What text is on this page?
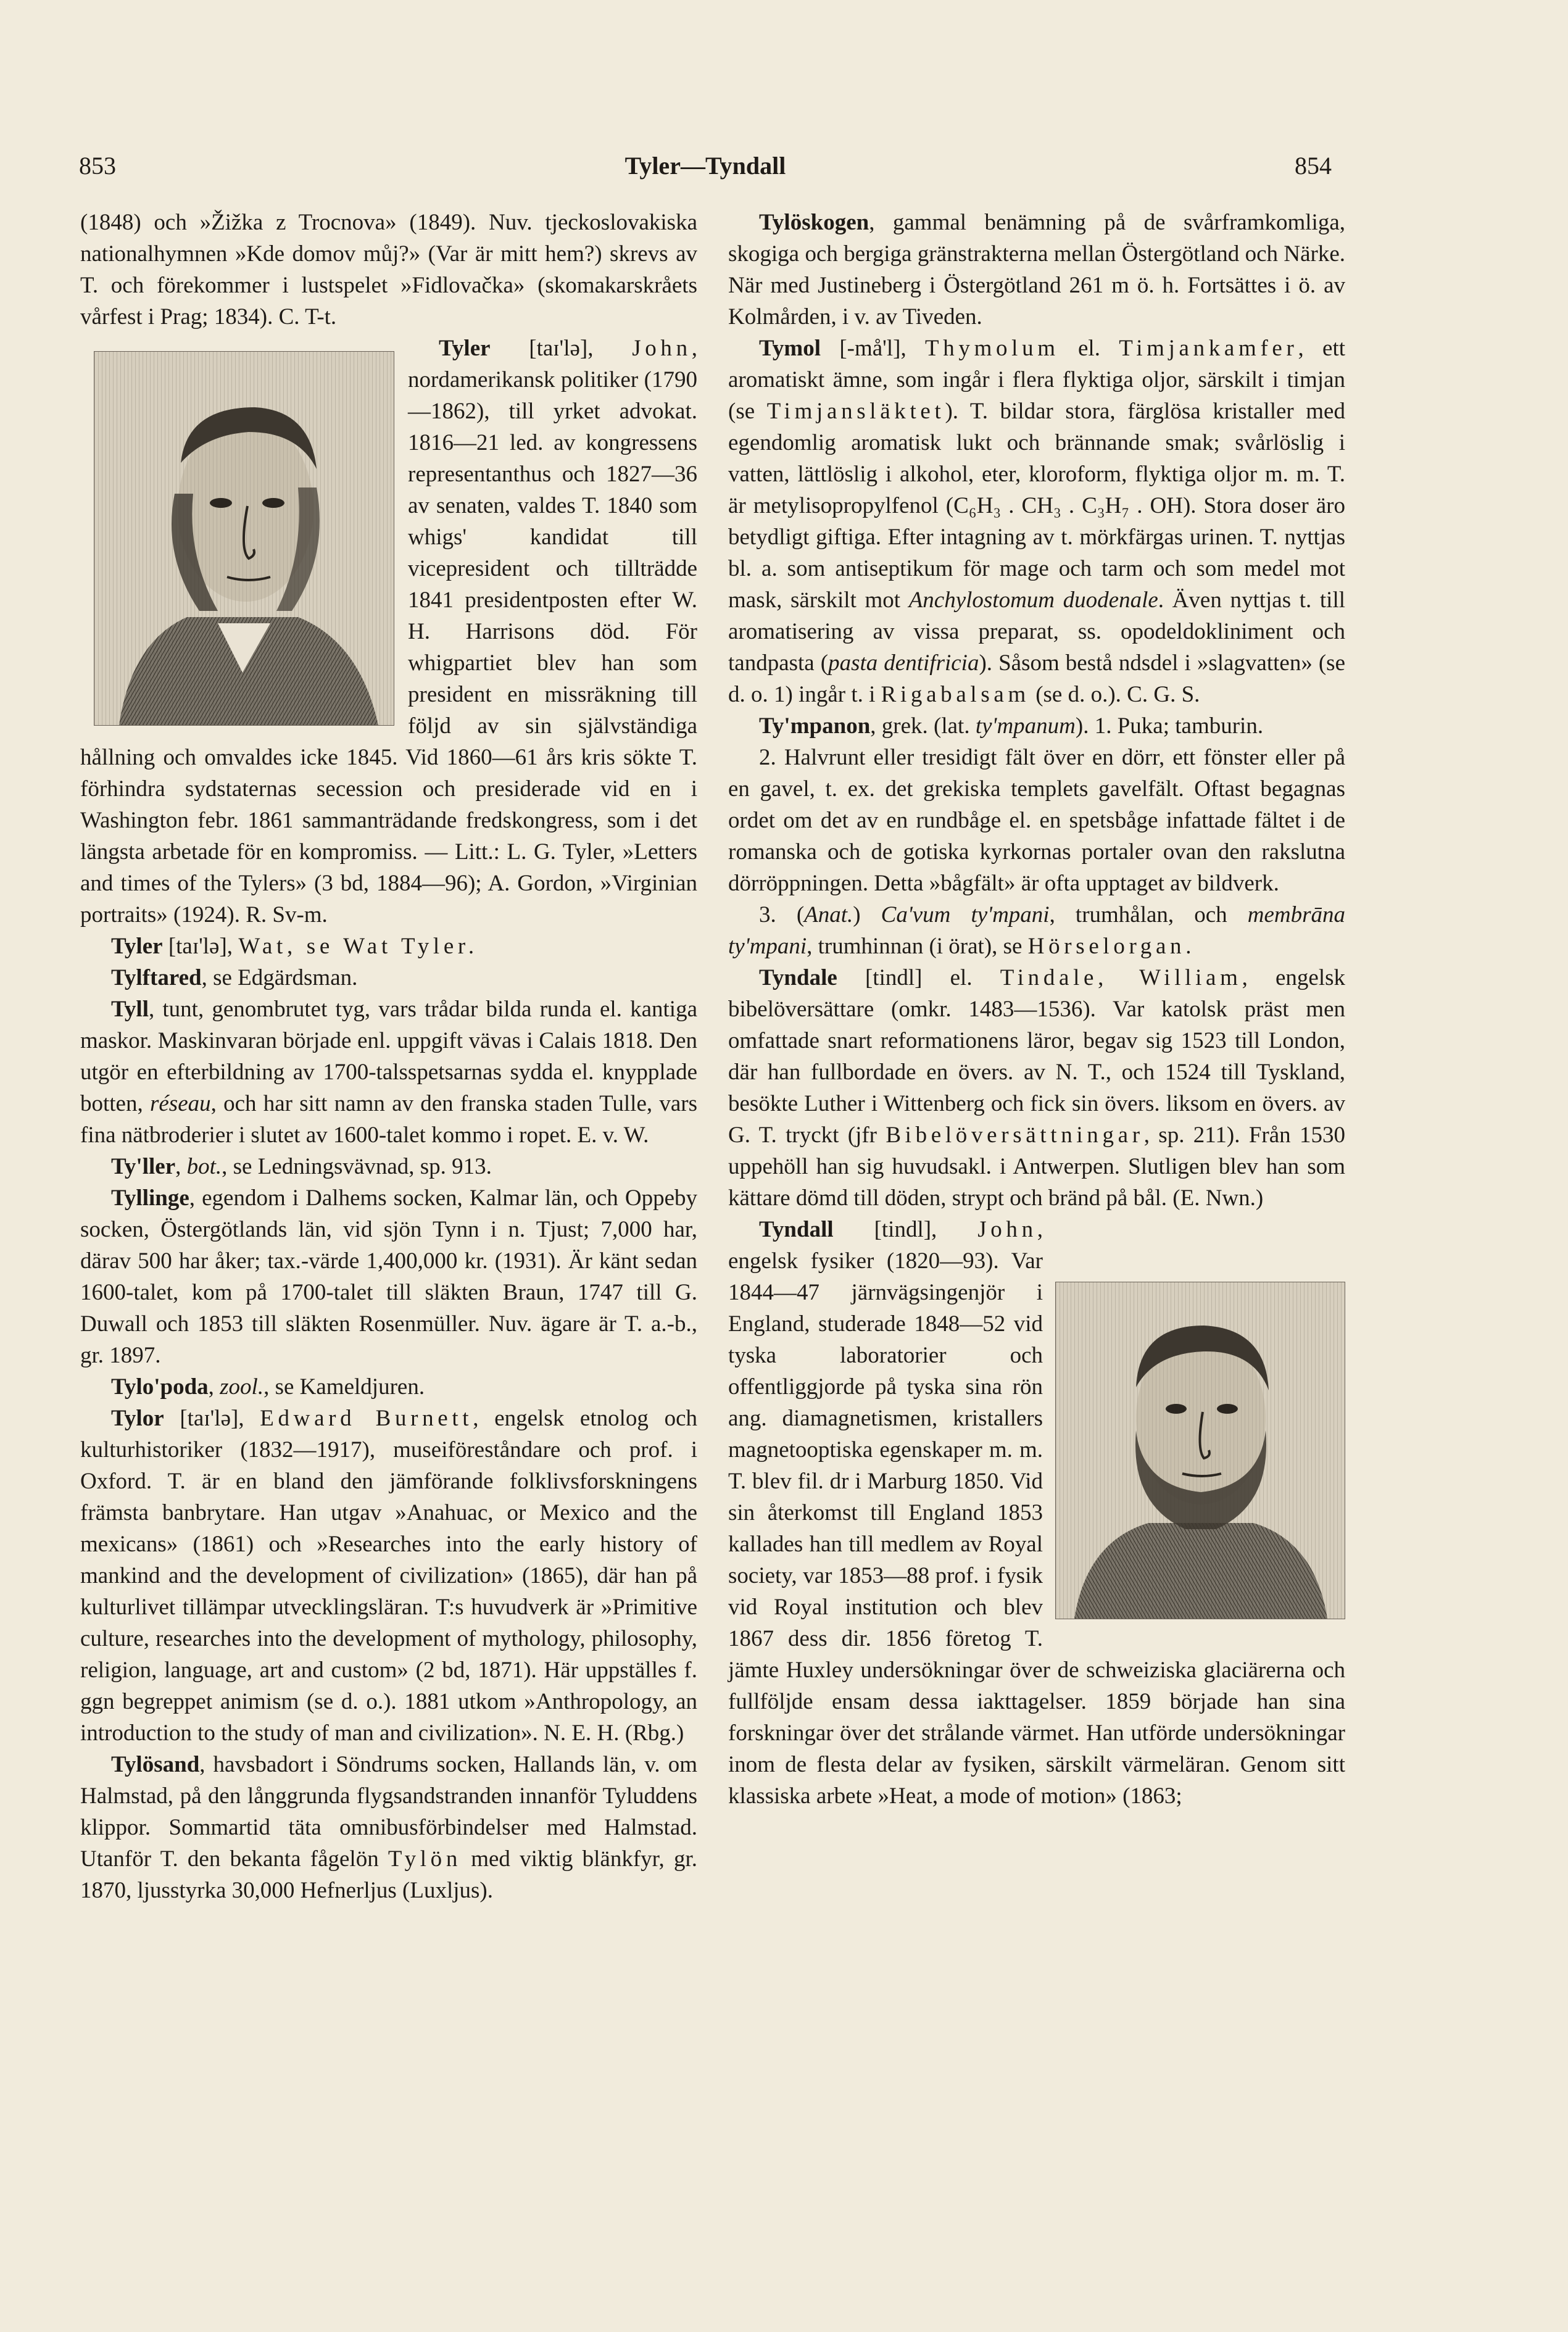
853	Tyler—Tyndall	854

(1848) och »Žižka z Trocnova» (1849). Nuv. tjeckoslovakiska nationalhymnen »Kde domov můj?» (Var är mitt hem?) skrevs av T. och förekommer i lustspelet »Fidlovačka» (skomakarskråets vårfest i Prag; 1834). C. T-t.

Tyler [taɪ'lə], John
, nordamerikansk politiker (1790—1862), till yrket advokat. 1816—21 led. av kongressens representanthus och 1827—36 av senaten, valdes T. 1840 som whigs' kandidat till vicepresident och tillträdde 1841 presidentposten efter W. H. Harrisons död. För whigpartiet blev han som president en missräkning till följd av sin självständiga hållning och omvaldes icke 1845. Vid 1860—61 års kris sökte T. förhindra sydstaternas secession och presiderade vid en i Washington febr. 1861 sammanträdande fredskongress, som i det längsta arbetade för en kompromiss. — Litt.: L. G. Tyler, »Letters and times of the Tylers» (3 bd, 1884—96); A. Gordon, »Virginian portraits» (1924). R. Sv-m.

Tyler [taɪ'lə], Wat, se Wat Tyler.

Tylftared, se Edgärdsman.

Tyll, tunt, genombrutet tyg, vars trådar bilda runda el. kantiga maskor. Maskinvaran började enl. uppgift vävas i Calais 1818. Den utgör en efterbildning av 1700-talsspetsarnas sydda el. knypplade botten, réseau, och har sitt namn av den franska staden Tulle, vars fina nätbroderier i slutet av 1600-talet kommo i ropet. E. v. W.

Ty'ller, bot., se Ledningsvävnad, sp. 913.

Tyllinge, egendom i Dalhems socken, Kalmar län, och Oppeby socken, Östergötlands län, vid sjön Tynn i n. Tjust; 7,000 har, därav 500 har åker; tax.-värde 1,400,000 kr. (1931). Är känt sedan 1600-talet, kom på 1700-talet till släkten Braun, 1747 till G. Duwall och 1853 till släkten Rosenmüller. Nuv. ägare är T. a.-b., gr. 1897.

Tylo'poda, zool., se Kameldjuren.

Tylor [taɪ'lə], Edward Burnett, engelsk etnolog och kulturhistoriker (1832—1917), museiföreståndare och prof. i Oxford. T. är en bland den jämförande folklivsforskningens främsta banbrytare. Han utgav »Anahuac, or Mexico and the mexicans» (1861) och »Researches into the early history of mankind and the development of civilization» (1865), där han på kulturlivet tillämpar utvecklingsläran. T:s huvudverk är »Primitive culture, researches into the development of mythology, philosophy, religion, language, art and custom» (2 bd, 1871). Här uppställes f. ggn begreppet animism (se d. o.). 1881 utkom »Anthropology, an introduction to the study of man and civilization». N. E. H. (Rbg.)

Tylösand, havsbadort i Söndrums socken, Hallands län, v. om Halmstad, på den långgrunda flygsandstranden innanför Tyluddens klippor. Sommartid täta omnibusförbindelser med Halmstad. Utanför T. den bekanta fågelön Tylön med viktig blänkfyr, gr. 1870, ljusstyrka 30,000 Hefnerljus (Luxljus).

Tylöskogen, gammal benämning på de svårframkomliga, skogiga och bergiga gränstrakterna mellan Östergötland och Närke. När med Justineberg i Östergötland 261 m ö. h. Fortsättes i ö. av Kolmården, i v. av Tiveden.

Tymol [-må'l], Thymolum el. Timjankamfer, ett aromatiskt ämne, som ingår i flera flyktiga oljor, särskilt i timjan (se Timjansläktet). T. bildar stora, färglösa kristaller med egendomlig aromatisk lukt och brännande smak; svårlöslig i vatten, lättlöslig i alkohol, eter, kloroform, flyktiga oljor m. m. T. är metylisopropylfenol (C₆H₃ . CH₃ . C₃H₇ . OH). Stora doser äro betydligt giftiga. Efter intagning av t. mörkfärgas urinen. T. nyttjas bl. a. som antiseptikum för mage och tarm och som medel mot mask, särskilt mot Anchylostomum duodenale. Även nyttjas t. till aromatisering av vissa preparat, ss. opodeldokliniment och tandpasta (pasta dentifricia). Såsom bestå ndsdel i »slagvatten» (se d. o. 1) ingår t. i Rigabalsam (se d. o.). C. G. S.

Ty'mpanon, grek. (lat. ty'mpanum). 1. Puka; tamburin.

2. Halvrunt eller tresidigt fält över en dörr, ett fönster eller på en gavel, t. ex. det grekiska templets gavelfält. Oftast begagnas ordet om det av en rundbåge el. en spetsbåge infattade fältet i de romanska och de gotiska kyrkornas portaler ovan den rakslutna dörröppningen. Detta »bågfält» är ofta upptaget av bildverk.

3. (Anat.) Ca'vum ty'mpani, trumhålan, och membrāna ty'mpani, trumhinnan (i örat), se Hörselorgan.

Tyndale [tindl] el. Tindale, William, engelsk bibelöversättare (omkr. 1483—1536). Var katolsk präst men omfattade snart reformationens läror, begav sig 1523 till London, där han fullbordade en övers. av N. T., och 1524 till Tyskland, besökte Luther i Wittenberg och fick sin övers. liksom en övers. av G. T. tryckt (jfr Bibelöversättningar, sp. 211). Från 1530 uppehöll han sig huvudsakl. i Antwerpen. Slutligen blev han som kättare dömd till döden, strypt och bränd på bål. (E. Nwn.)

Tyndall [tindl], John
, engelsk fysiker (1820—93). Var 1844—47 järnvägsingenjör i England, studerade 1848—52 vid tyska laboratorier och offentliggjorde på tyska sina rön ang. diamagnetismen, kristallers magnetooptiska egenskaper m. m. T. blev fil. dr i Marburg 1850. Vid sin återkomst till England 1853 kallades han till medlem av Royal society, var 1853—88 prof. i fysik vid Royal institution och blev 1867 dess dir. 1856 företog T. jämte Huxley undersökningar över de schweiziska glaciärerna och fullföljde ensam dessa iakttagelser. 1859 började han sina forskningar över det strålande värmet. Han utförde undersökningar inom de flesta delar av fysiken, särskilt värmeläran. Genom sitt klassiska arbete »Heat, a mode of motion» (1863;
